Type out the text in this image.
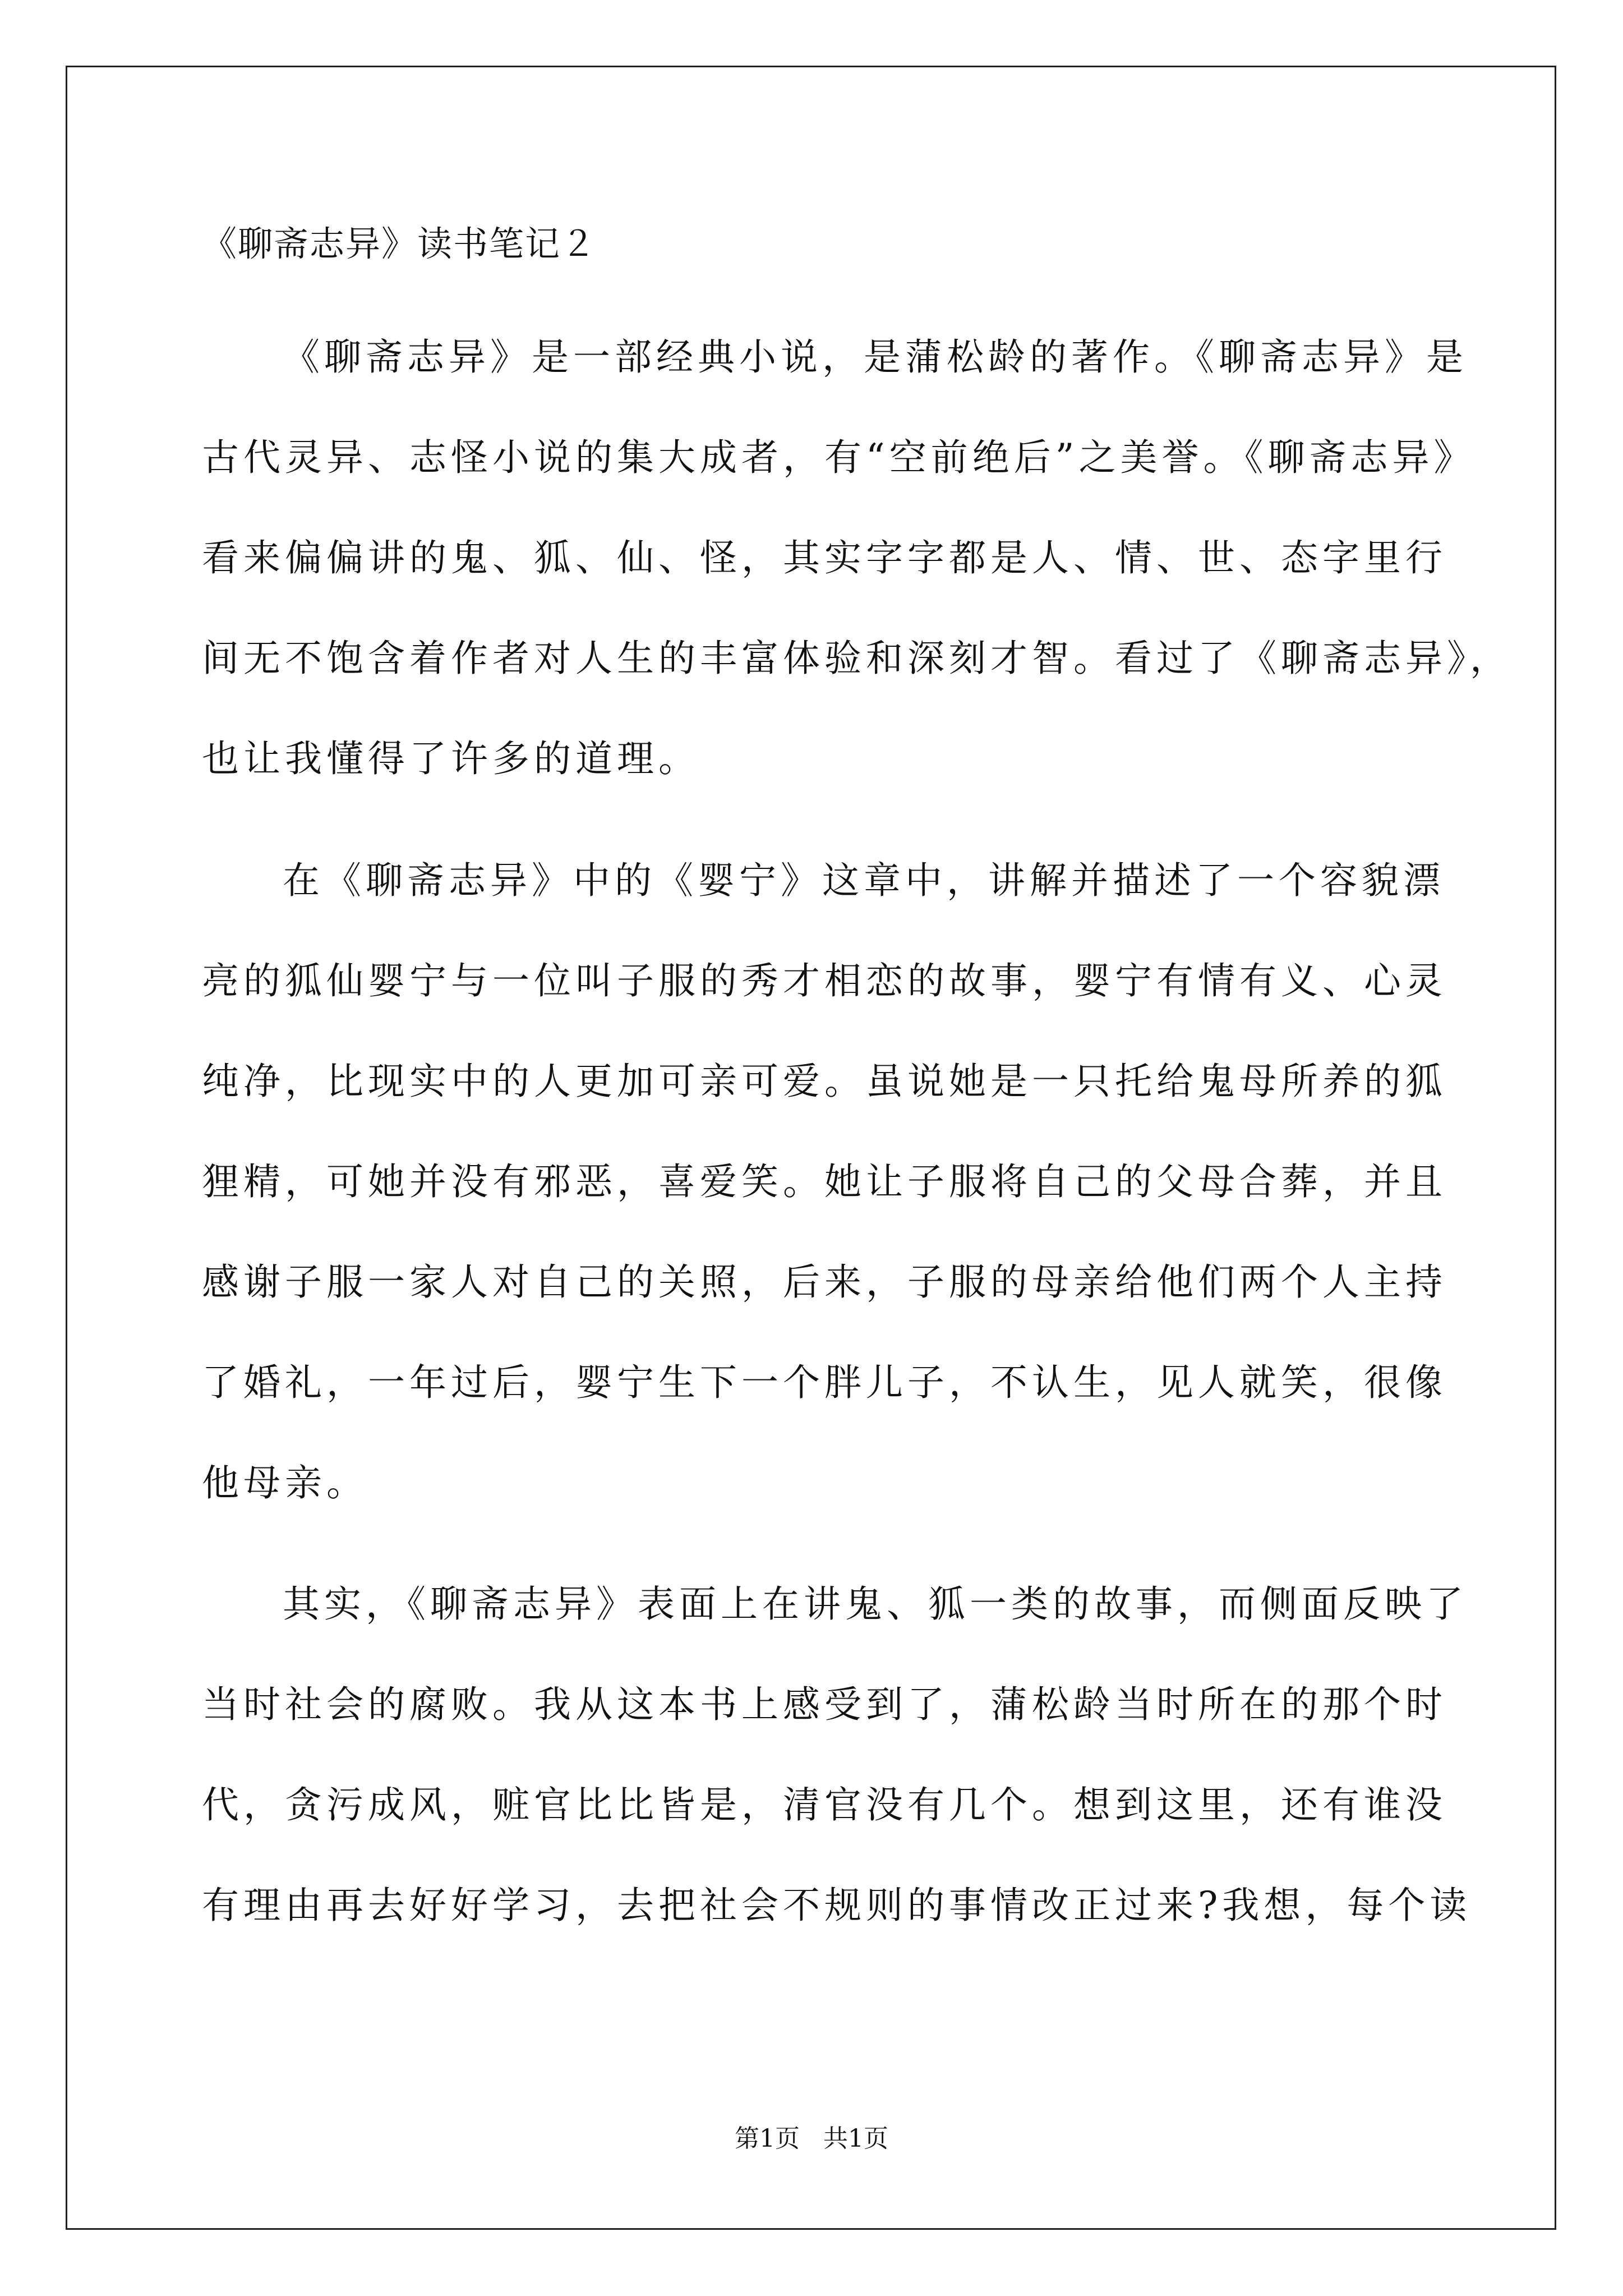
《聊斋志异》读书笔记２
《聊斋志异》是一部经典小说，是蒲松龄的著作。《聊斋志异》是
古代灵异、志怪小说的集大成者，有“空前绝后”之美誉。《聊斋志异》
看来偏偏讲的鬼、狐、仙、怪，其实字字都是人、情、世、态字里行
间无不饱含着作者对人生的丰富体验和深刻才智。看过了《聊斋志异》，
也让我懂得了许多的道理。
在《聊斋志异》中的《婴宁》这章中，讲解并描述了一个容貌漂
亮的狐仙婴宁与一位叫子服的秀才相恋的故事，婴宁有情有义、心灵
纯净，比现实中的人更加可亲可爱。虽说她是一只托给鬼母所养的狐
狸精，可她并没有邪恶，喜爱笑。她让子服将自己的父母合葬，并且
感谢子服一家人对自己的关照，后来，子服的母亲给他们两个人主持
了婚礼，一年过后，婴宁生下一个胖儿子，不认生，见人就笑，很像
他母亲。
其实，《聊斋志异》表面上在讲鬼、狐一类的故事，而侧面反映了
当时社会的腐败。我从这本书上感受到了，蒲松龄当时所在的那个时
代，贪污成风，赃官比比皆是，清官没有几个。想到这里，还有谁没
有理由再去好好学习，去把社会不规则的事情改正过来?我想，每个读
第1页   共1页
